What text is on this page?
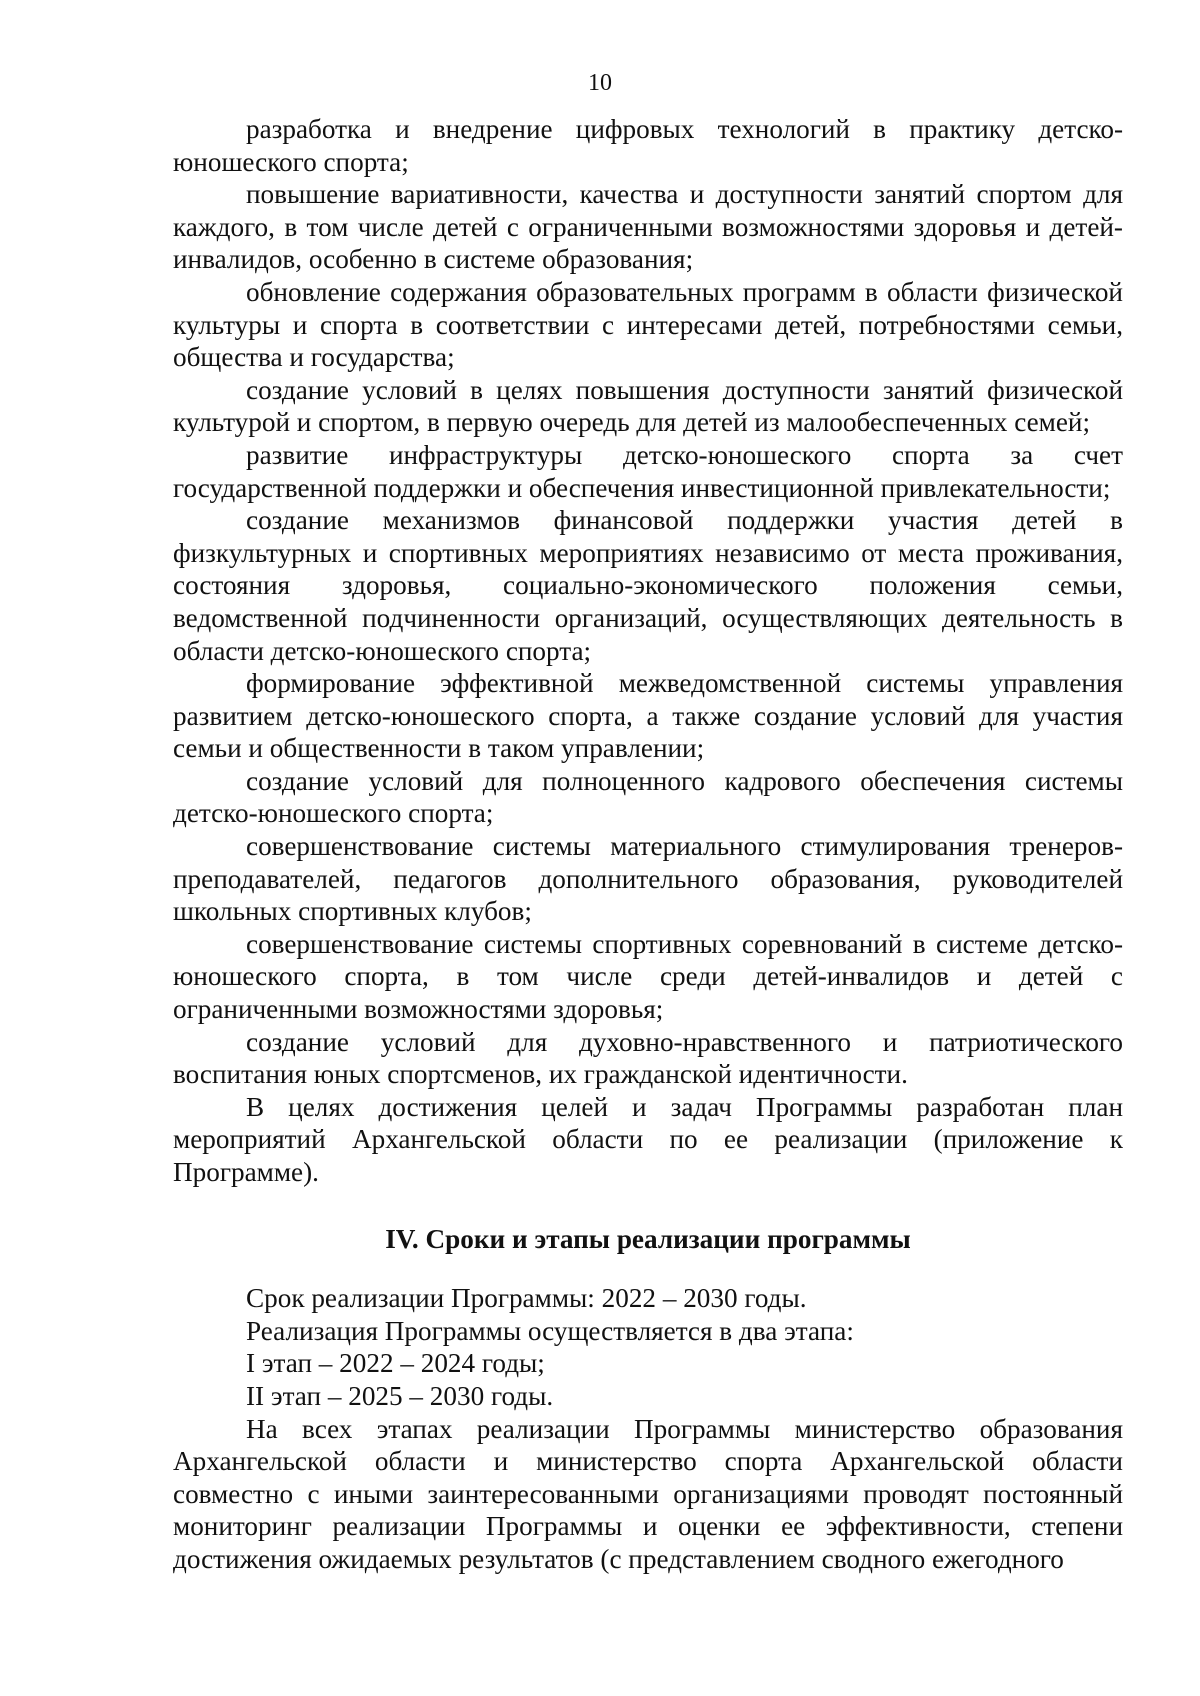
10

разработка и внедрение цифровых технологий в практику детско-юношеского спорта;

повышение вариативности, качества и доступности занятий спортом для каждого, в том числе детей с ограниченными возможностями здоровья и детей-инвалидов, особенно в системе образования;

обновление содержания образовательных программ в области физической культуры и спорта в соответствии с интересами детей, потребностями семьи, общества и государства;

создание условий в целях повышения доступности занятий физической культурой и спортом, в первую очередь для детей из малообеспеченных семей;

развитие инфраструктуры детско-юношеского спорта за счет государственной поддержки и обеспечения инвестиционной привлекательности;

создание механизмов финансовой поддержки участия детей в физкультурных и спортивных мероприятиях независимо от места проживания, состояния здоровья, социально-экономического положения семьи, ведомственной подчиненности организаций, осуществляющих деятельность в области детско-юношеского спорта;

формирование эффективной межведомственной системы управления развитием детско-юношеского спорта, а также создание условий для участия семьи и общественности в таком управлении;

создание условий для полноценного кадрового обеспечения системы детско-юношеского спорта;

совершенствование системы материального стимулирования тренеров-преподавателей, педагогов дополнительного образования, руководителей школьных спортивных клубов;

совершенствование системы спортивных соревнований в системе детско-юношеского спорта, в том числе среди детей-инвалидов и детей с ограниченными возможностями здоровья;

создание условий для духовно-нравственного и патриотического воспитания юных спортсменов, их гражданской идентичности.

В целях достижения целей и задач Программы разработан план мероприятий Архангельской области по ее реализации (приложение к Программе).

IV. Сроки и этапы реализации программы

Срок реализации Программы: 2022 – 2030 годы.

Реализация Программы осуществляется в два этапа:

I этап – 2022 – 2024 годы;

II этап – 2025 – 2030 годы.

На всех этапах реализации Программы министерство образования Архангельской области и министерство спорта Архангельской области совместно с иными заинтересованными организациями проводят постоянный мониторинг реализации Программы и оценки ее эффективности, степени достижения ожидаемых результатов (с представлением сводного ежегодного
